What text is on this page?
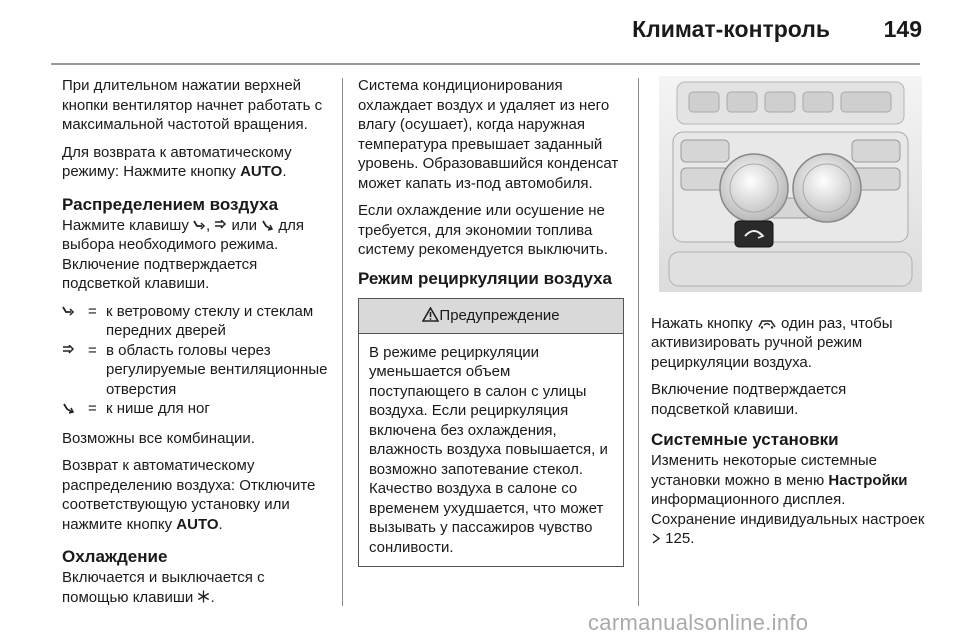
Климат-контроль 149

При длительном нажатии верхней кнопки вентилятор начнет работать с максимальной частотой вращения.

Для возврата к автоматическому режиму: Нажмите кнопку AUTO.

Распределением воздуха

Нажмите клавишу ,  или  для выбора необходимого режима. Включение подтверждается подсветкой клавиши.

	=	к ветровому стеклу и стеклам передних дверей
	=	в область головы через регулируемые вентиляционные отверстия
	=	к нише для ног

Возможны все комбинации.

Возврат к автоматическому распределению воздуха: Отключите соответствующую установку или нажмите кнопку AUTO.

Охлаждение

Включается и выключается с помощью клавиши .

Система кондиционирования охлаждает воздух и удаляет из него влагу (осушает), когда наружная температура превышает заданный уровень. Образовавшийся конденсат может капать из-под автомобиля.

Если охлаждение или осушение не требуется, для экономии топлива систему рекомендуется выключить.

Режим рециркуляции воздуха
Предупреждение

В режиме рециркуляции уменьшается объем поступающего в салон с улицы воздуха. Если рециркуляция включена без охлаждения, влажность воздуха повышается, и возможно запотевание стекол. Качество воздуха в салоне со временем ухудшается, что может вызывать у пассажиров чувство сонливости.

Нажать кнопку  один раз, чтобы активизировать ручной режим рециркуляции воздуха.

Включение подтверждается подсветкой клавиши.

Системные установки

Изменить некоторые системные установки можно в меню Настройки информационного дисплея. Сохранение индивидуальных настроек  125.

carmanualsonline.info
